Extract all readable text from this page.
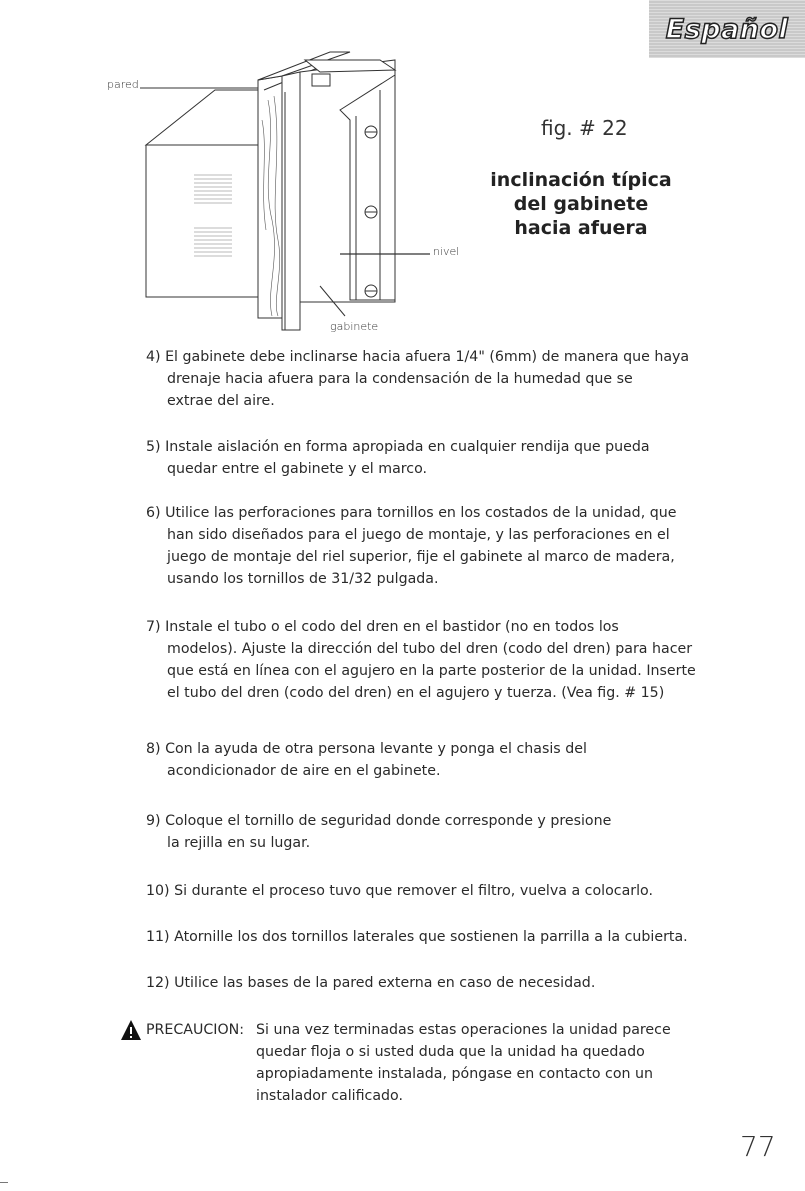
Español
pared
nivel
gabinete
fig. # 22
inclinación típica del gabinete hacia afuera
4) El gabinete debe inclinarse hacia afuera 1/4" (6mm) de manera que haya
drenaje hacia afuera para la condensación de la humedad que se
extrae del aire.
5) Instale aislación en forma apropiada en cualquier rendija que pueda
quedar entre el gabinete y el marco.
6) Utilice las perforaciones para tornillos en los costados de la unidad, que
han sido diseñados para el juego de montaje, y las perforaciones en el
juego de montaje del riel superior, fije el gabinete al marco de madera,
usando los tornillos de 31/32 pulgada.
7) Instale el tubo o el codo del dren en el bastidor (no en todos los
modelos). Ajuste la dirección del tubo del dren (codo del dren) para hacer
que está en línea con el agujero en la parte posterior de la unidad. Inserte
el tubo del dren (codo del dren) en el agujero y tuerza. (Vea fig. # 15)
8) Con la ayuda de otra persona levante y ponga el chasis del
acondicionador de aire en el gabinete.
9) Coloque el tornillo de seguridad donde corresponde y presione
la rejilla en su lugar.
10) Si durante el proceso tuvo que remover el filtro, vuelva a colocarlo.
11) Atornille los dos tornillos laterales que sostienen la parrilla a la cubierta.
12) Utilice las bases de la pared externa en caso de necesidad.
PRECAUCION: Si una vez terminadas estas operaciones la unidad parece
quedar floja o si usted duda que la unidad ha quedado
apropiadamente instalada, póngase en contacto con un
instalador calificado.
77
